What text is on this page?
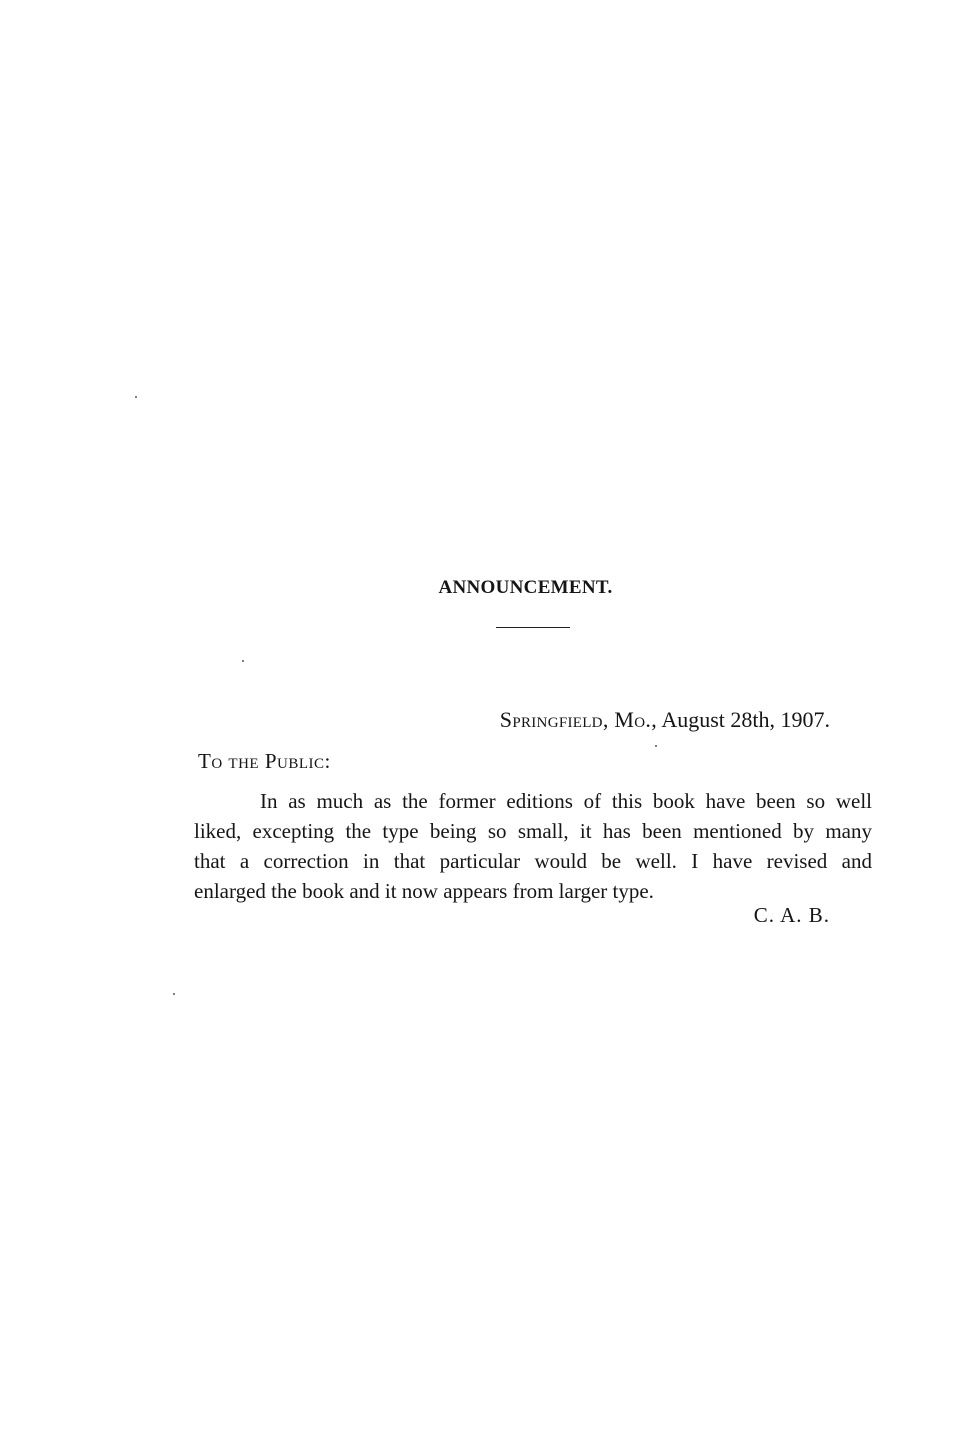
ANNOUNCEMENT.
Springfield, Mo., August 28th, 1907.
To the Public:
In as much as the former editions of this book have been so well
liked, excepting the type being so small, it has been mentioned by many
that a correction in that particular would be well. I have revised and
enlarged the book and it now appears from larger type.
C. A. B.
